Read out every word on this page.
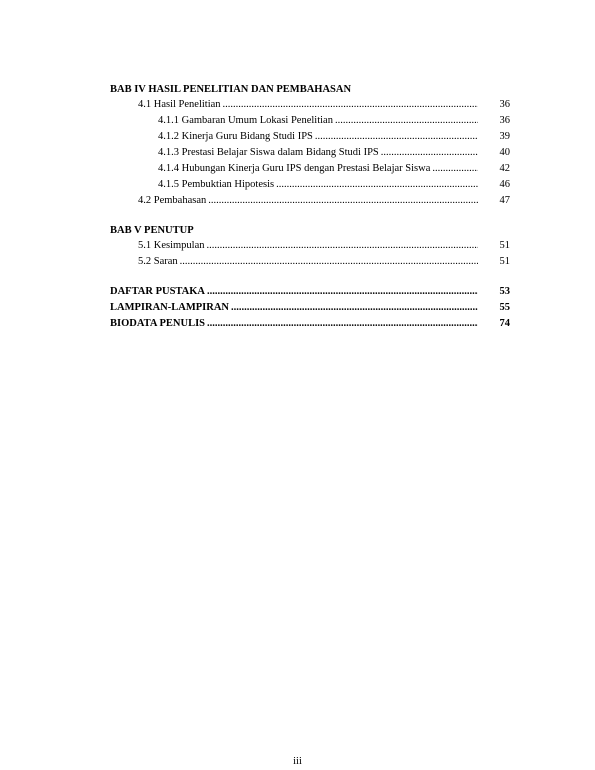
BAB IV HASIL PENELITIAN DAN PEMBAHASAN
4.1 Hasil Penelitian .....	36
4.1.1 Gambaran Umum Lokasi Penelitian .....	36
4.1.2 Kinerja Guru Bidang Studi IPS .....	39
4.1.3 Prestasi Belajar Siswa dalam Bidang Studi IPS .....	40
4.1.4 Hubungan Kinerja Guru IPS dengan Prestasi Belajar Siswa .....	42
4.1.5 Pembuktian Hipotesis .....	46
4.2 Pembahasan .....	47
BAB V PENUTUP
5.1 Kesimpulan .....	51
5.2 Saran .....	51
DAFTAR PUSTAKA .....	53
LAMPIRAN-LAMPIRAN .....	55
BIODATA PENULIS .....	74
iii
